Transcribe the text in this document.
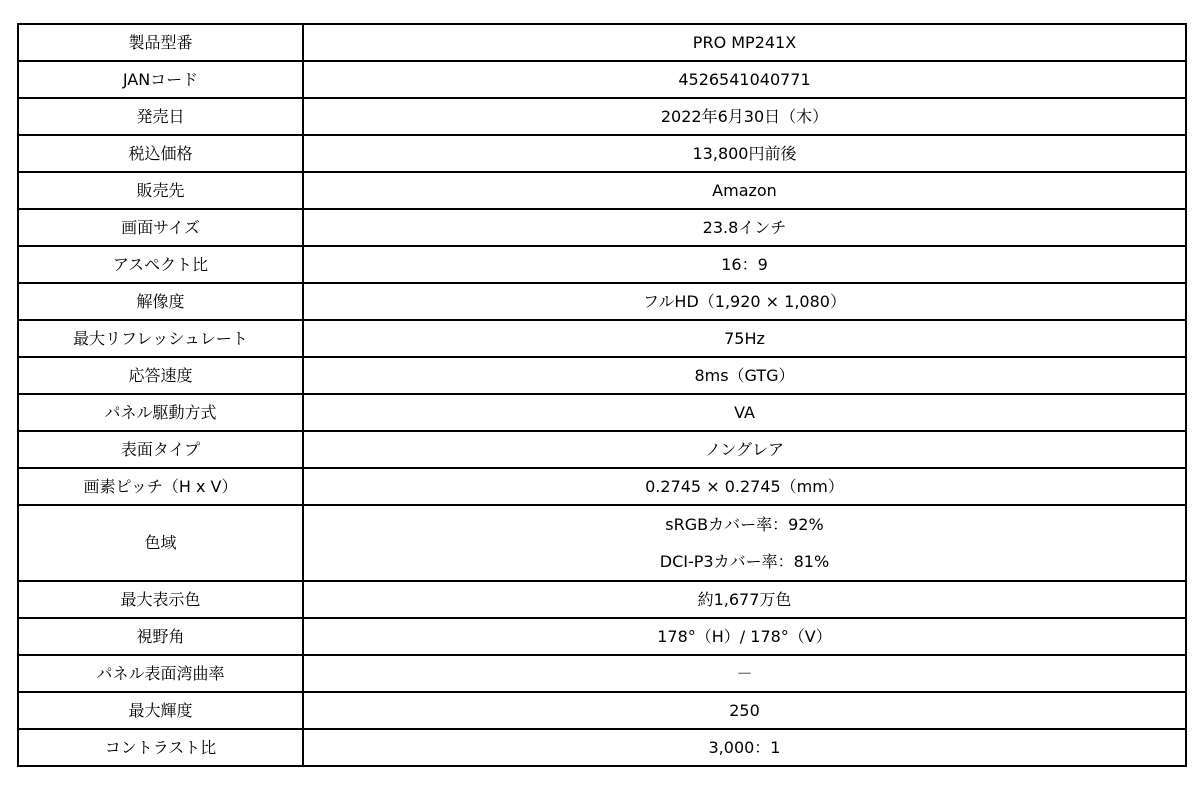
製品型番	PRO MP241X
JANコード	4526541040771
発売日	2022年6月30日（木）
税込価格	13,800円前後
販売先	Amazon
画面サイズ	23.8インチ
アスペクト比	16：9
解像度	フルHD（1,920 × 1,080）
最大リフレッシュレート	75Hz
応答速度	8ms（GTG）
パネル駆動方式	VA
表面タイプ	ノングレア
画素ピッチ（H x V）	0.2745 × 0.2745（mm）
色域	sRGBカバー率：92%
DCI-P3カバー率：81%

最大表示色	約1,677万色
視野角	178°（H）/ 178°（V）
パネル表面湾曲率	－
最大輝度	250
コントラスト比	3,000：1
